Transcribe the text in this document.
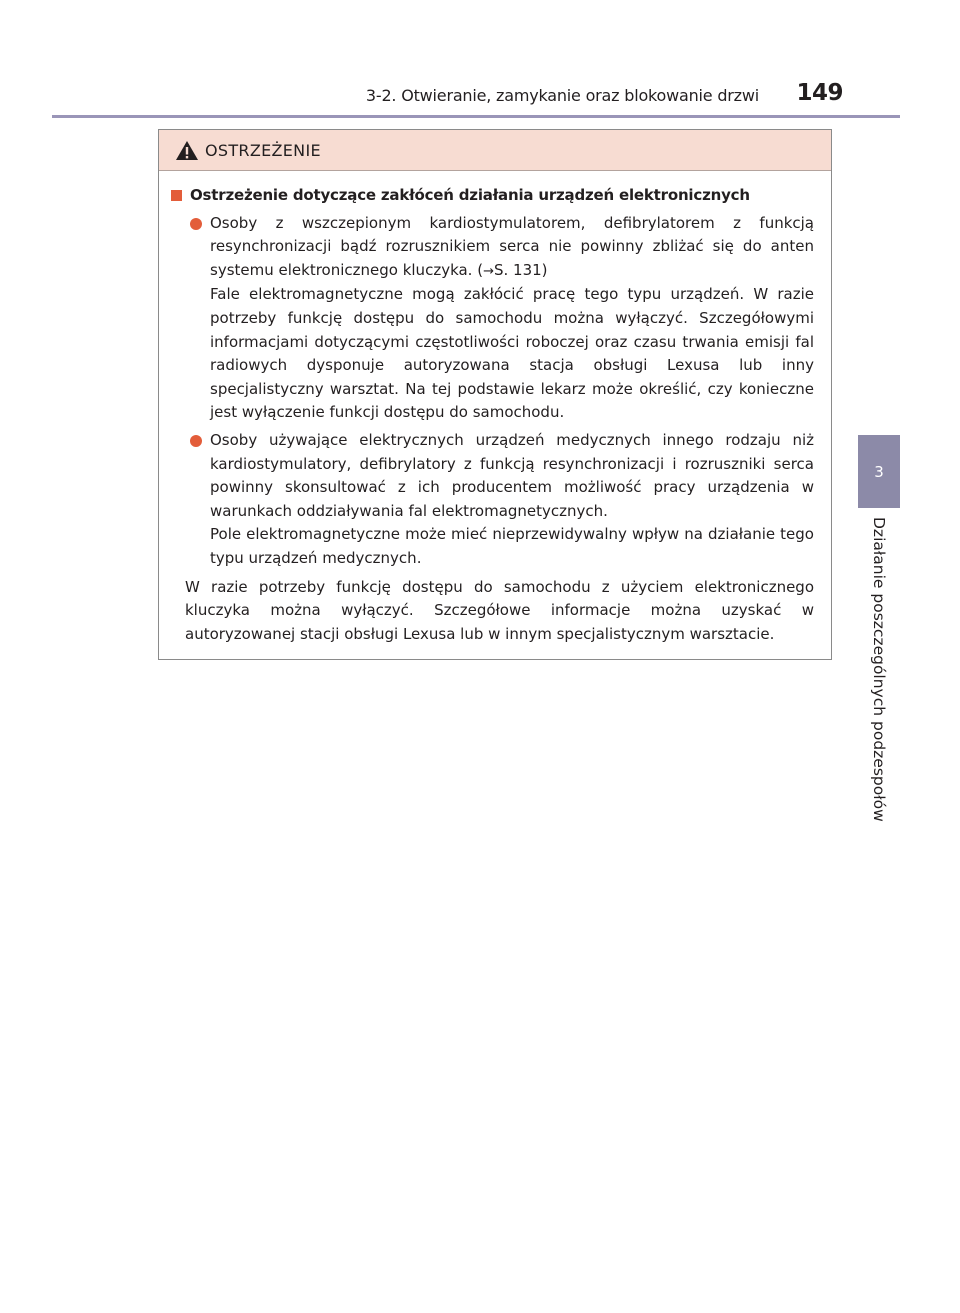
3-2. Otwieranie, zamykanie oraz blokowanie drzwi 149
3
Działanie poszczególnych podzespołów
OSTRZEŻENIE
Ostrzeżenie dotyczące zakłóceń działania urządzeń elektronicznych

Osoby z wszczepionym kardiostymulatorem, defibrylatorem z funkcją resynchronizacji bądź rozrusznikiem serca nie powinny zbliżać się do anten systemu elektronicznego kluczyka. (→S. 131)

Fale elektromagnetyczne mogą zakłócić pracę tego typu urządzeń. W razie potrzeby funkcję dostępu do samochodu można wyłączyć. Szczegółowymi informacjami dotyczącymi częstotliwości roboczej oraz czasu trwania emisji fal radiowych dysponuje autoryzowana stacja obsługi Lexusa lub inny specjalistyczny warsztat. Na tej podstawie lekarz może określić, czy konieczne jest wyłączenie funkcji dostępu do samochodu.

Osoby używające elektrycznych urządzeń medycznych innego rodzaju niż kardiostymulatory, defibrylatory z funkcją resynchronizacji i rozruszniki serca powinny skonsultować z ich producentem możliwość pracy urządzenia w warunkach oddziaływania fal elektromagnetycznych.

Pole elektromagnetyczne może mieć nieprzewidywalny wpływ na działanie tego typu urządzeń medycznych.

W razie potrzeby funkcję dostępu do samochodu z użyciem elektronicznego kluczyka można wyłączyć. Szczegółowe informacje można uzyskać w autoryzowanej stacji obsługi Lexusa lub w innym specjalistycznym warsztacie.
